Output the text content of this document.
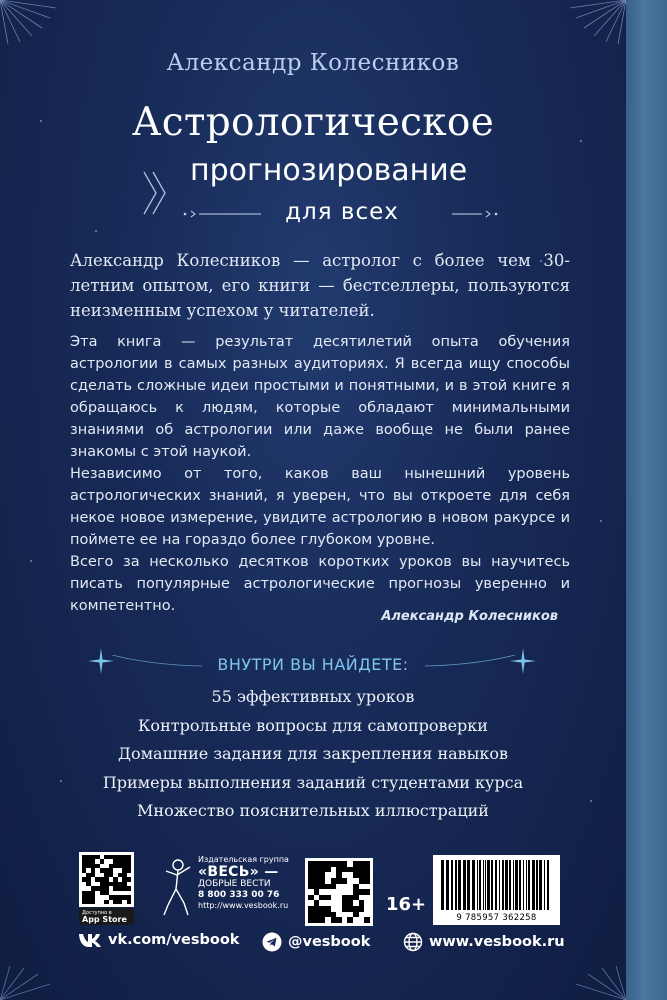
Александр Колесников
Астрологическое
прогнозирование
для всех
Александр Колесников — астролог с более чем 30-летним опытом, его книги — бестселлеры, пользуются неизменным успехом у читателей.

Эта книга — результат десятилетий опыта обучения астрологии в самых разных аудиториях. Я всегда ищу способы сделать сложные идеи простыми и понятными, и в этой книге я обращаюсь к людям, которые обладают минимальными знаниями об астрологии или даже вообще не были ранее знакомы с этой наукой.

Независимо от того, каков ваш нынешний уровень астрологических знаний, я уверен, что вы откроете для себя некое новое измерение, увидите астрологию в новом ракурсе и поймете ее на гораздо более глубоком уровне.

Всего за несколько десятков коротких уроков вы научитесь писать популярные астрологические прогнозы уверенно и компетентно.

Александр Колесников
ВНУТРИ ВЫ НАЙДЕТЕ:
55 эффективных уроков
Контрольные вопросы для самопроверки
Домашние задания для закрепления навыков
Примеры выполнения заданий студентами курса
Множество пояснительных иллюстраций
Доступно в
App Store
Издательская группа
«ВЕСЬ» —
ДОБРЫЕ ВЕСТИ
8 800 333 00 76
http://www.vesbook.ru	16+
9 785957 362258
vk.com/vesbook	@vesbook	www.vesbook.ru
